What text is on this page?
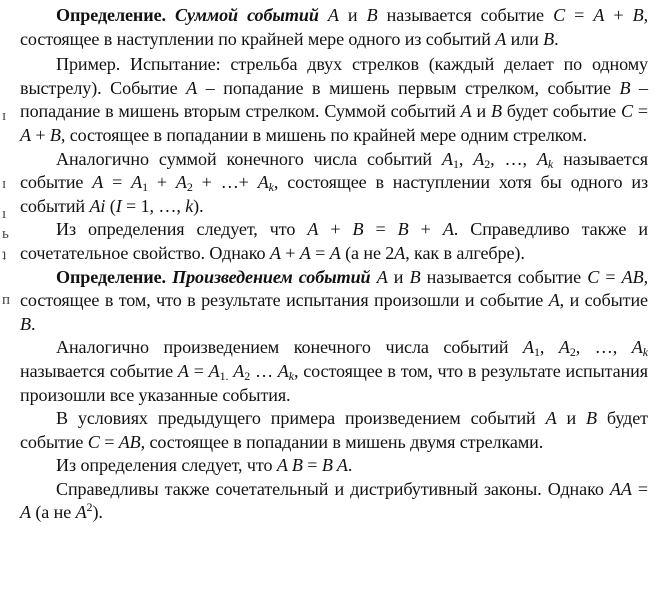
ɪ
ɪ
ı
ь
ʇ
п

Определение. Суммой событий A и B называется событие C = A + B, состоящее в наступлении по крайней мере одного из событий A или B.

Пример. Испытание: стрельба двух стрелков (каждый делает по одному выстрелу). Событие A – попадание в мишень первым стрелком, событие B – попадание в мишень вторым стрелком. Суммой событий A и B будет событие C = A + B, состоящее в попадании в мишень по крайней мере одним стрелком.

Аналогично суммой конечного числа событий $A_1$, $A_2$, …, $A_k$ называется событие $A = A_1 + A_2$ + …+ $A_k$, состоящее в наступлении хотя бы одного из событий Ai (I = 1, …, k).

Из определения следует, что A + B = B + A. Справедливо также и сочетательное свойство. Однако A + A = A (а не 2A, как в алгебре).

Определение. Произведением событий A и B называется событие C = AB, состоящее в том, что в результате испытания произошли и событие A, и событие B.

Аналогично произведением конечного числа событий $A_1$, $A_2$, …, $A_k$ называется событие $A = A_{1.}$ $A_2$ … $A_k$, состоящее в том, что в результате испытания произошли все указанные события.

В условиях предыдущего примера произведением событий A и B будет событие C = AB, состоящее в попадании в мишень двумя стрелками.

Из определения следует, что A B = B A.

Справедливы также сочетательный и дистрибутивный законы. Однако AA = A (а не $A^2$).
